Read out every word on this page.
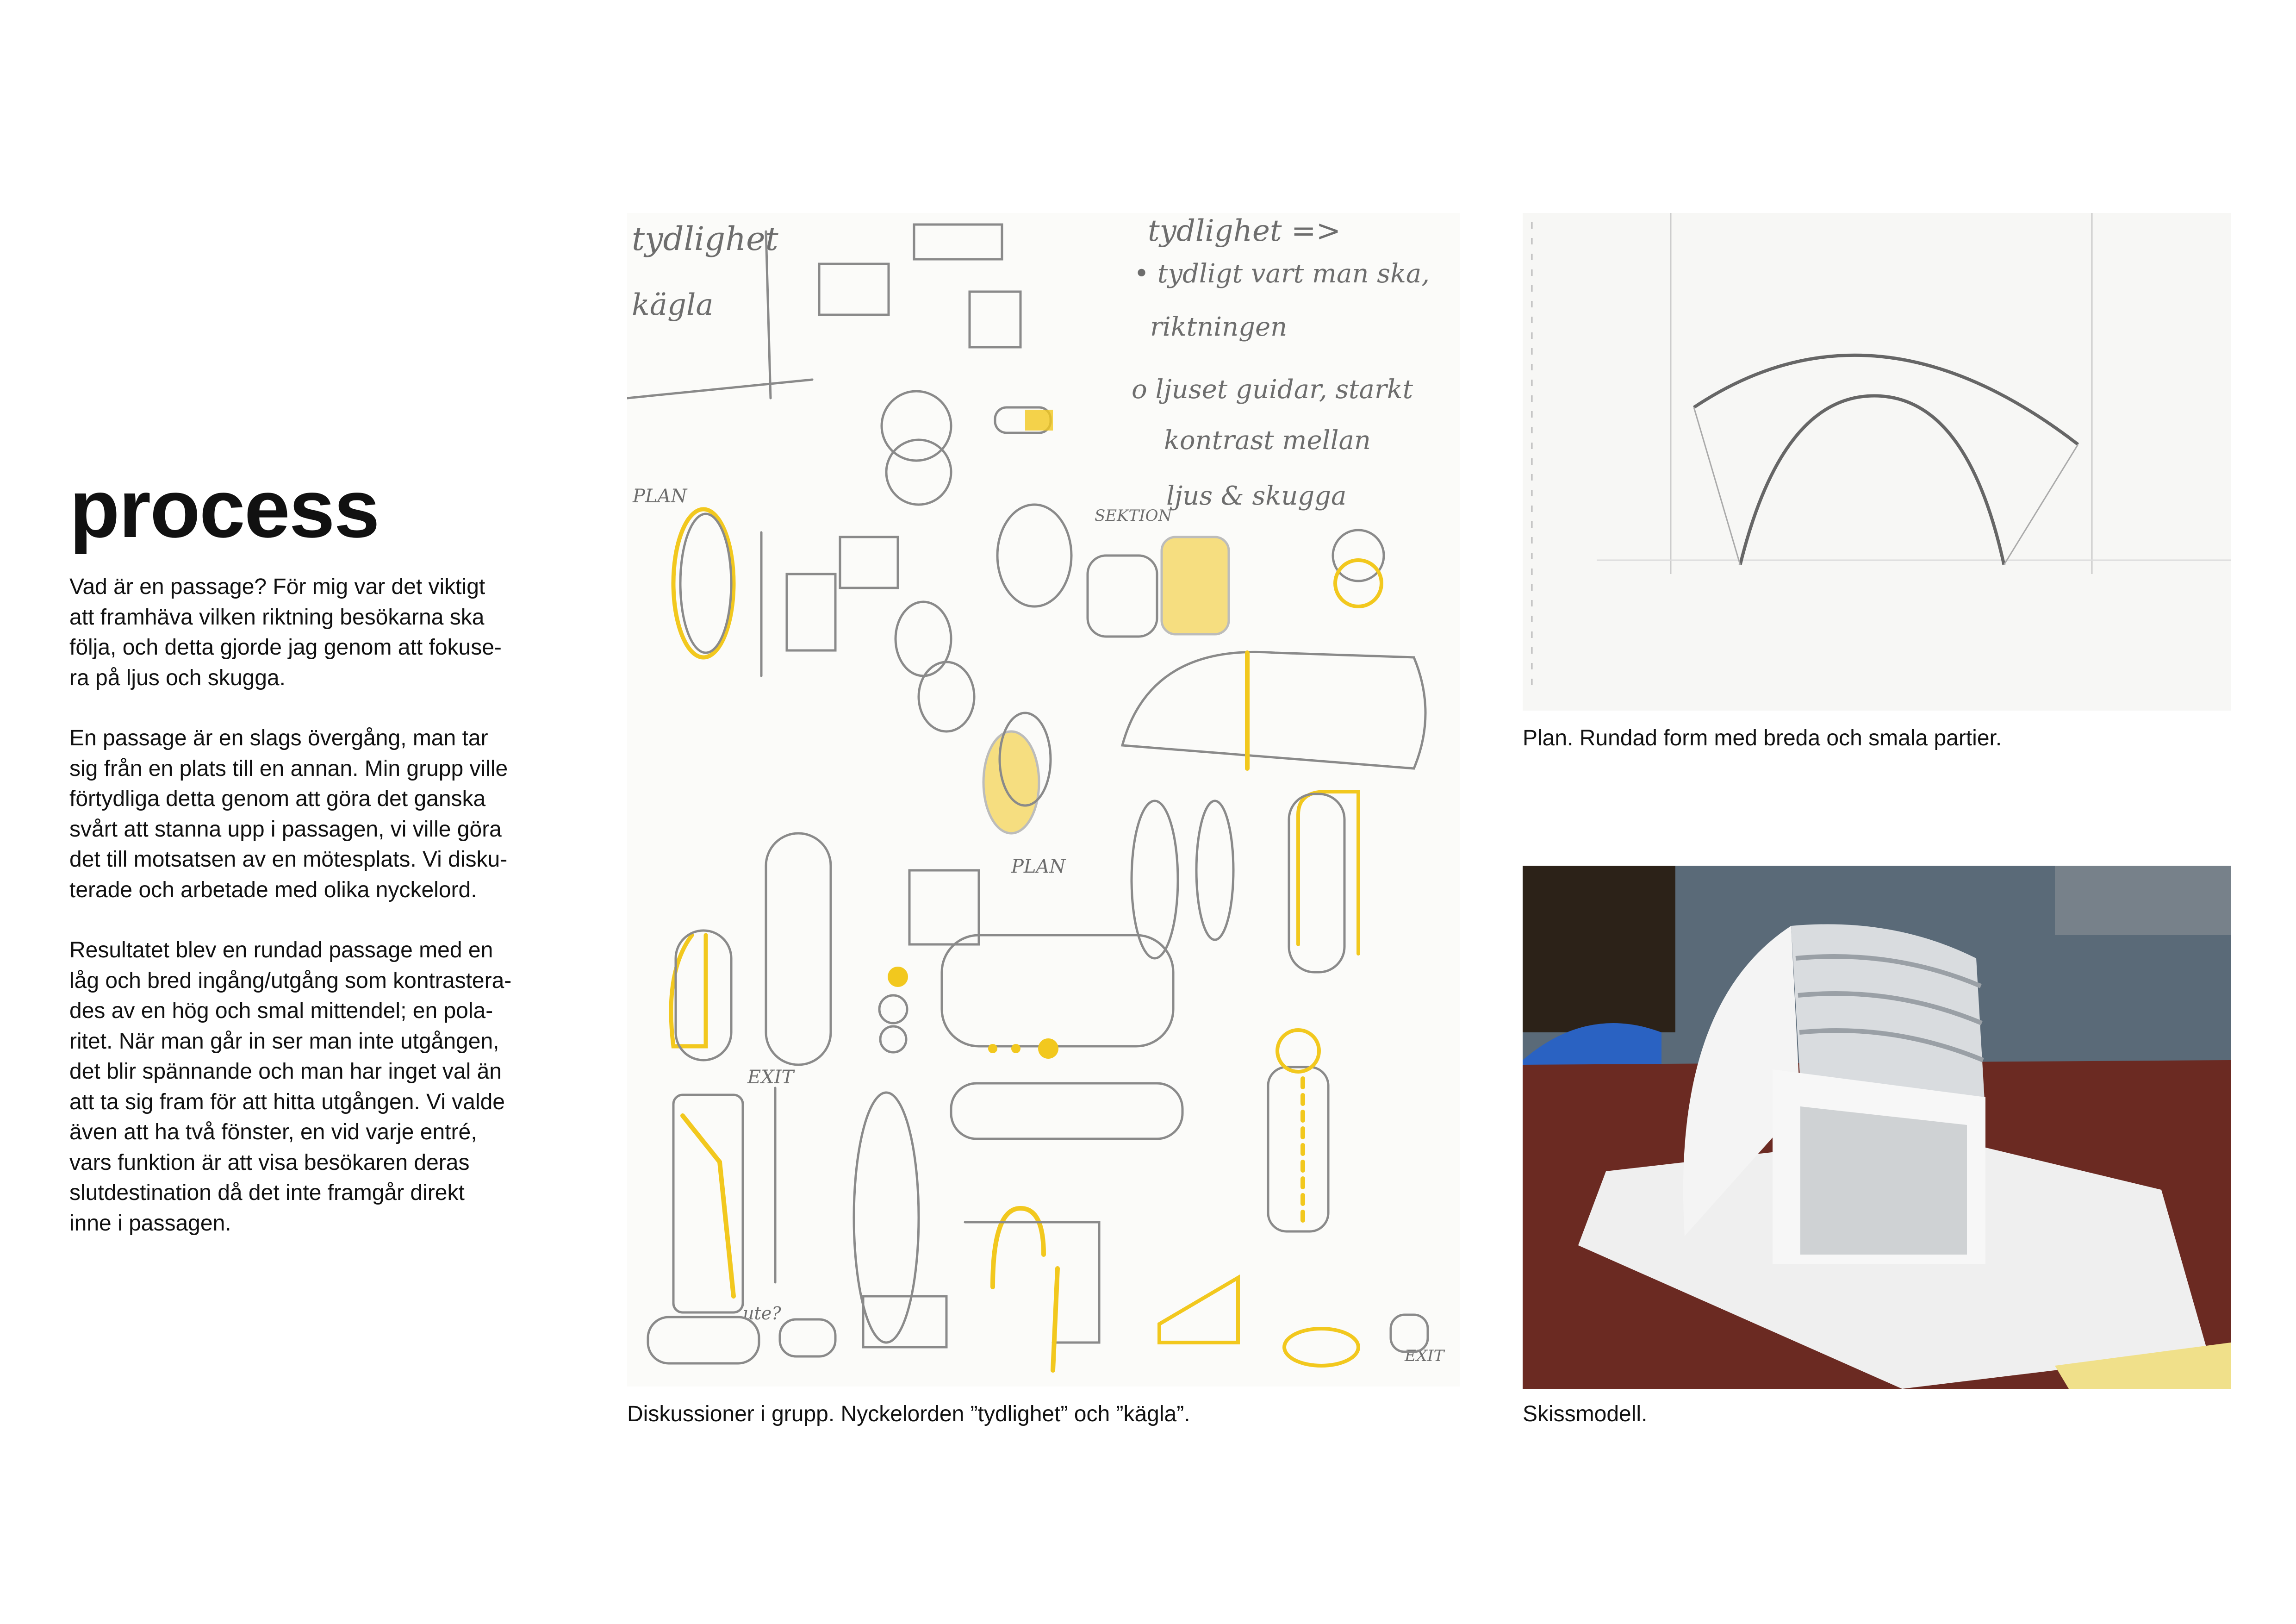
process

Vad är en passage? För mig var det viktigt
att framhäva vilken riktning besökarna ska
följa, och detta gjorde jag genom att fokuse-
ra på ljus och skugga.

En passage är en slags övergång, man tar
sig från en plats till en annan. Min grupp ville
förtydliga detta genom att göra det ganska
svårt att stanna upp i passagen, vi ville göra
det till motsatsen av en mötesplats. Vi disku-
terade och arbetade med olika nyckelord.

Resultatet blev en rundad passage med en
låg och bred ingång/utgång som kontrastera-
des av en hög och smal mittendel; en pola-
ritet. När man går in ser man inte utgången,
det blir spännande och man har inget val än
att ta sig fram för att hitta utgången. Vi valde
även att ha två fönster, en vid varje entré,
vars funktion är att visa besökaren deras
slutdestination då det inte framgår direkt
inne i passagen.

tydlighet
kägla
tydlighet =>
• tydligt vart man ska,
riktningen
o ljuset guidar, starkt
kontrast mellan
ljus & skugga
PLAN
SEKTION
PLAN
EXIT
ute?
EXIT
Diskussioner i grupp. Nyckelorden ”tydlighet” och ”kägla”.
Plan. Rundad form med breda och smala partier.
Skissmodell.
